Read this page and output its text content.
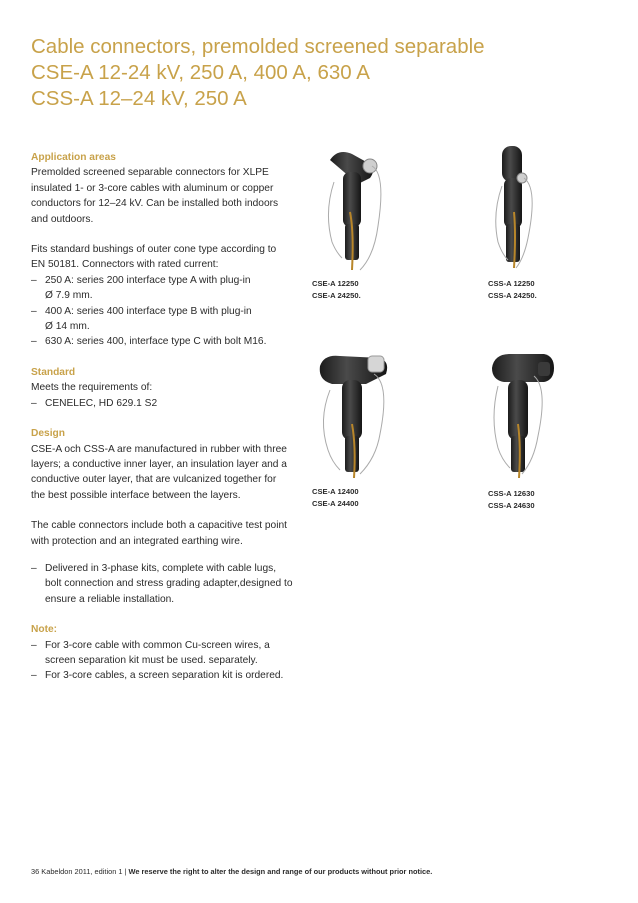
Cable connectors, premolded screened separable

CSE-A 12-24 kV, 250 A, 400 A, 630 A

CSS-A 12–24 kV, 250 A

Application areas

Premolded screened separable connectors for XLPE insulated 1- or 3-core cables with aluminum or copper conductors for 12–24 kV. Can be installed both indoors and outdoors.

Fits standard bushings of outer cone type according to EN 50181. Connectors with rated current:

– 250 A: series 200 interface type A with plug-in
Ø 7.9 mm.
– 400 A: series 400 interface type B with plug-in
Ø 14 mm.
– 630 A: series 400, interface type C with bolt M16.

Standard

Meets the requirements of:

– CENELEC, HD 629.1 S2

Design

CSE-A och CSS-A are manufactured in rubber with three layers; a conductive inner layer, an insulation layer and a conductive outer layer, that are vulcanized together for the best possible interface between the layers.

The cable connectors include both a capacitive test point with protection and an integrated earthing wire.

– Delivered in 3-phase kits, complete with cable lugs, bolt connection and stress grading adapter,designed to ensure a reliable installation.

Note:

– For 3-core cable with common Cu-screen wires, a screen separation kit must be used. separately.
– For 3-core cables, a screen separation kit is ordered.
CSE-A 12250
CSE-A 24250.
CSS-A 12250
CSS-A 24250.
CSE-A 12400
CSE-A 24400
CSS-A 12630
CSS-A 24630
36 Kabeldon 2011, edition 1 | We reserve the right to alter the design and range of our products without prior notice.
